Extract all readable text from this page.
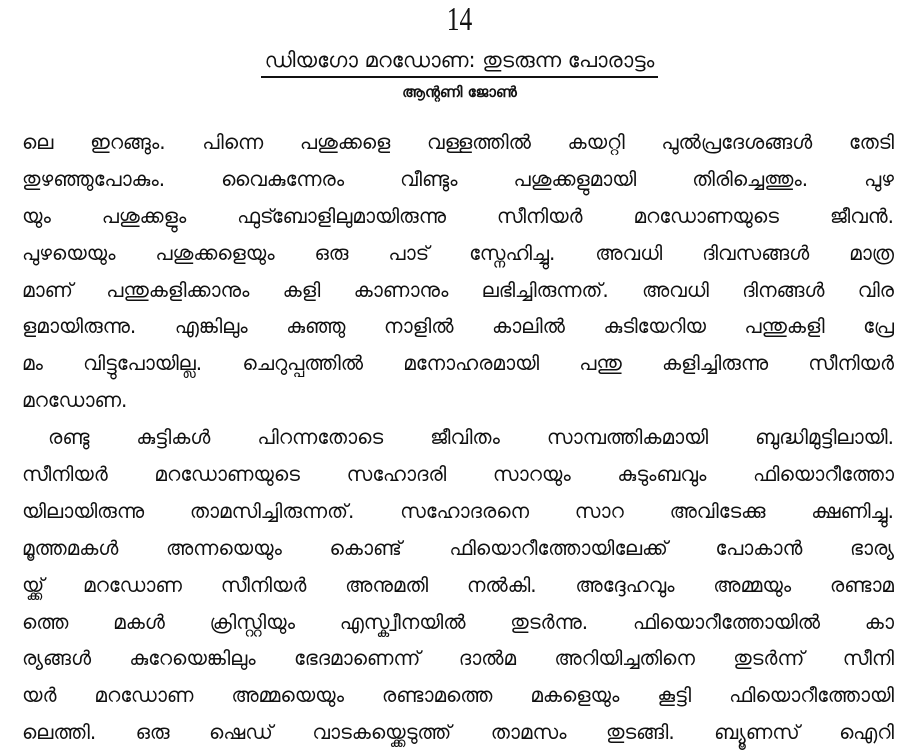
14
ഡിയഗോ മറഡോണ: തുടരുന്ന പോരാട്ടം
ആന്റണി ജോൺ
ലെ ഇറങ്ങും. പിന്നെ പശുക്കളെ വള്ളത്തിൽ കയറ്റി പുൽപ്രദേശങ്ങൾ തേടി
തുഴഞ്ഞുപോകും. വൈകുന്നേരം വീണ്ടും പശുക്കളുമായി തിരിച്ചെത്തും. പുഴ
യും പശുക്കളും ഫുട്ബോളിലുമായിരുന്നു സീനിയർ മറഡോണയുടെ ജീവൻ.
പുഴയെയും പശുക്കളെയും ഒരു പാട് സ്നേഹിച്ചു. അവധി ദിവസങ്ങൾ മാത്ര
മാണ് പന്തുകളിക്കാനും കളി കാണാനും ലഭിച്ചിരുന്നത്. അവധി ദിനങ്ങൾ വിര
ളമായിരുന്നു. എങ്കിലും കുഞ്ഞു നാളിൽ കാലിൽ കുടിയേറിയ പന്തുകളി പ്രേ
മം വിട്ടുപോയില്ല. ചെറുപ്പത്തിൽ മനോഹരമായി പന്തു കളിച്ചിരുന്നു സീനിയർ
മറഡോണ.
രണ്ടു കുട്ടികൾ പിറന്നതോടെ ജീവിതം സാമ്പത്തികമായി ബുദ്ധിമുട്ടിലായി.
സീനിയർ മറഡോണയുടെ സഹോദരി സാറയും കുടുംബവും ഫിയൊറീത്തോ
യിലായിരുന്നു താമസിച്ചിരുന്നത്. സഹോദരനെ സാറ അവിടേക്കു ക്ഷണിച്ചു.
മൂത്തമകൾ അന്നയെയും കൊണ്ട് ഫിയൊറീത്തോയിലേക്ക് പോകാൻ ഭാര്യ
യ്ക്ക് മറഡോണ സീനിയർ അനുമതി നൽകി. അദ്ദേഹവും അമ്മയും രണ്ടാമ
ത്തെ മകൾ ക്രിസ്റ്റിയും എസ്ക്വീനയിൽ തുടർന്നു. ഫിയൊറീത്തോയിൽ കാ
ര്യങ്ങൾ കുറേയെങ്കിലും ഭേദമാണെന്ന് ദാൽമ അറിയിച്ചതിനെ തുടർന്ന് സീനി
യർ മറഡോണ അമ്മയെയും രണ്ടാമത്തെ മകളെയും കൂട്ടി ഫിയൊറീത്തോയി
ലെത്തി. ഒരു ഷെഡ് വാടകയ്ക്കെടുത്ത് താമസം തുടങ്ങി. ബ്യൂണസ് ഐറി
